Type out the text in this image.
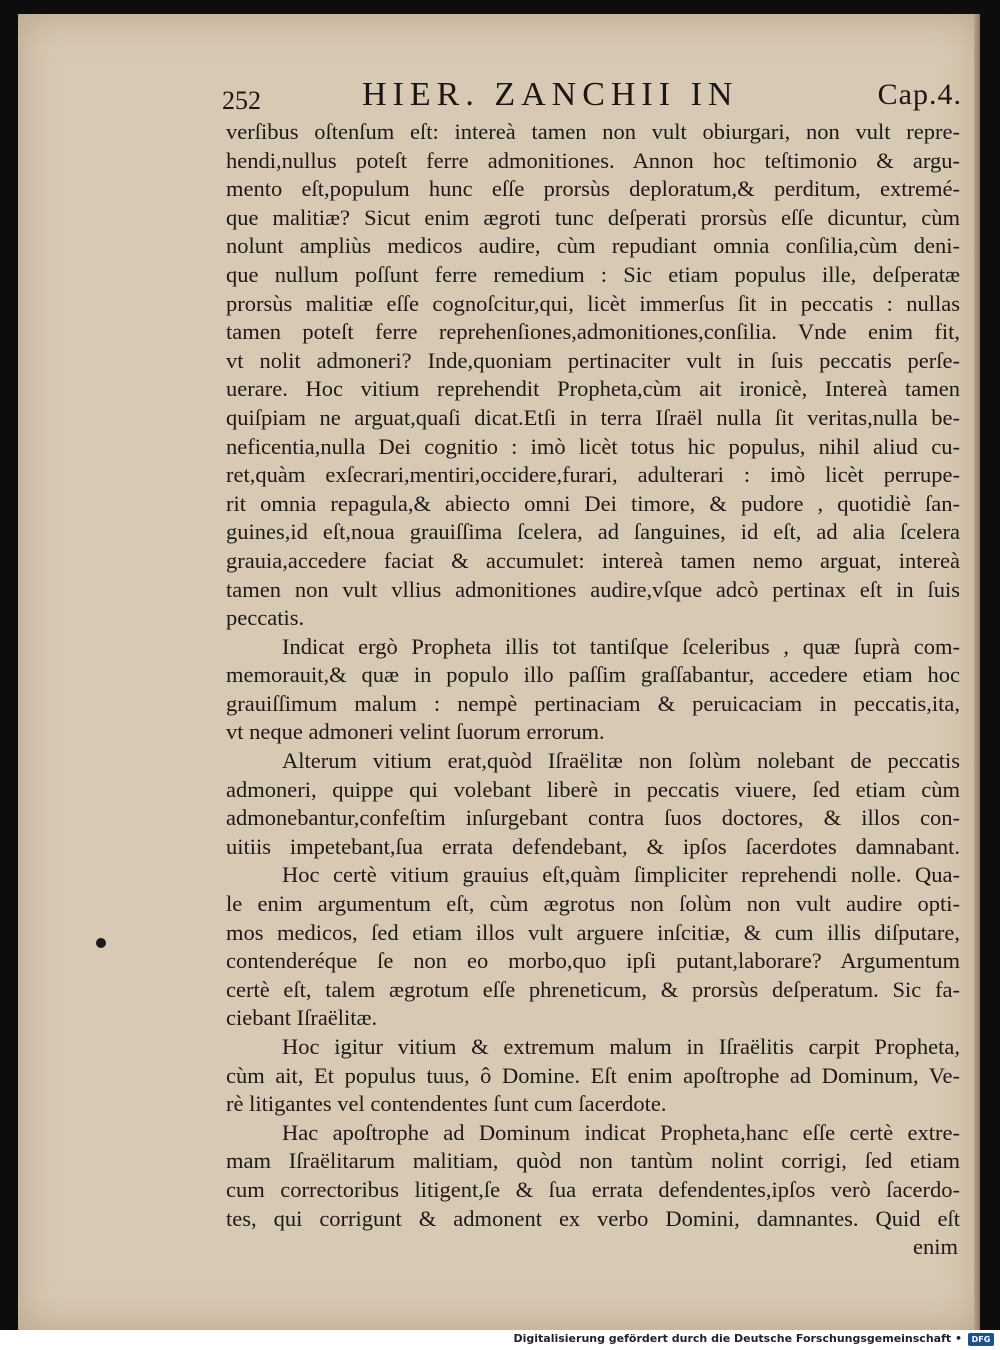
252	HIER. ZANCHII IN	Cap.4.
verſibus oſtenſum eſt: intereà tamen non vult obiurgari, non vult repre-
hendi,nullus poteſt ferre admonitiones. Annon hoc teſtimonio & argu-
mento eſt,populum hunc eſſe prorsùs deploratum,& perditum, extremé-
que malitiæ? Sicut enim ægroti tunc deſperati prorsùs eſſe dicuntur, cùm
nolunt ampliùs medicos audire, cùm repudiant omnia conſilia,cùm deni-
que nullum poſſunt ferre remedium : Sic etiam populus ille, deſperatæ
prorsùs malitiæ eſſe cognoſcitur,qui, licèt immerſus ſit in peccatis : nullas
tamen poteſt ferre reprehenſiones,admonitiones,conſilia. Vnde enim fit,
vt nolit admoneri? Inde,quoniam pertinaciter vult in ſuis peccatis perſe-
uerare. Hoc vitium reprehendit Propheta,cùm ait ironicè, Intereà tamen
quiſpiam ne arguat,quaſi dicat.Etſi in terra Iſraël nulla ſit veritas,nulla be-
neficentia,nulla Dei cognitio : imò licèt totus hic populus, nihil aliud cu-
ret,quàm exſecrari,mentiri,occidere,furari, adulterari : imò licèt perrupe-
rit omnia repagula,& abiecto omni Dei timore, & pudore , quotidiè ſan-
guines,id eſt,noua grauiſſima ſcelera, ad ſanguines, id eſt, ad alia ſcelera
grauia,accedere faciat & accumulet: intereà tamen nemo arguat, intereà
tamen non vult vllius admonitiones audire,vſque adcò pertinax eſt in ſuis
peccatis.
Indicat ergò Propheta illis tot tantiſque ſceleribus , quæ ſuprà com-
memorauit,& quæ in populo illo paſſim graſſabantur, accedere etiam hoc
grauiſſimum malum : nempè pertinaciam & peruicaciam in peccatis,ita,
vt neque admoneri velint ſuorum errorum.
Alterum vitium erat,quòd Iſraëlitæ non ſolùm nolebant de peccatis
admoneri, quippe qui volebant liberè in peccatis viuere, ſed etiam cùm
admonebantur,confeſtim inſurgebant contra ſuos doctores, & illos con-
uitiis impetebant,ſua errata defendebant, & ipſos ſacerdotes damnabant.
Hoc certè vitium grauius eſt,quàm ſimpliciter reprehendi nolle. Qua-
le enim argumentum eſt, cùm ægrotus non ſolùm non vult audire opti-
mos medicos, ſed etiam illos vult arguere inſcitiæ, & cum illis diſputare,
contenderéque ſe non eo morbo,quo ipſi putant,laborare? Argumentum
certè eſt, talem ægrotum eſſe phreneticum, & prorsùs deſperatum. Sic fa-
ciebant Iſraëlitæ.
Hoc igitur vitium & extremum malum in Iſraëlitis carpit Propheta,
cùm ait, Et populus tuus, ô Domine. Eſt enim apoſtrophe ad Dominum, Ve-
rè litigantes vel contendentes ſunt cum ſacerdote.
Hac apoſtrophe ad Dominum indicat Propheta,hanc eſſe certè extre-
mam Iſraëlitarum malitiam, quòd non tantùm nolint corrigi, ſed etiam
cum correctoribus litigent,ſe & ſua errata defendentes,ipſos verò ſacerdo-
tes, qui corrigunt & admonent ex verbo Domini, damnantes. Quid eſt
enim
Digitalisierung gefördert durch die Deutsche Forschungsgemeinschaft •	DFG
